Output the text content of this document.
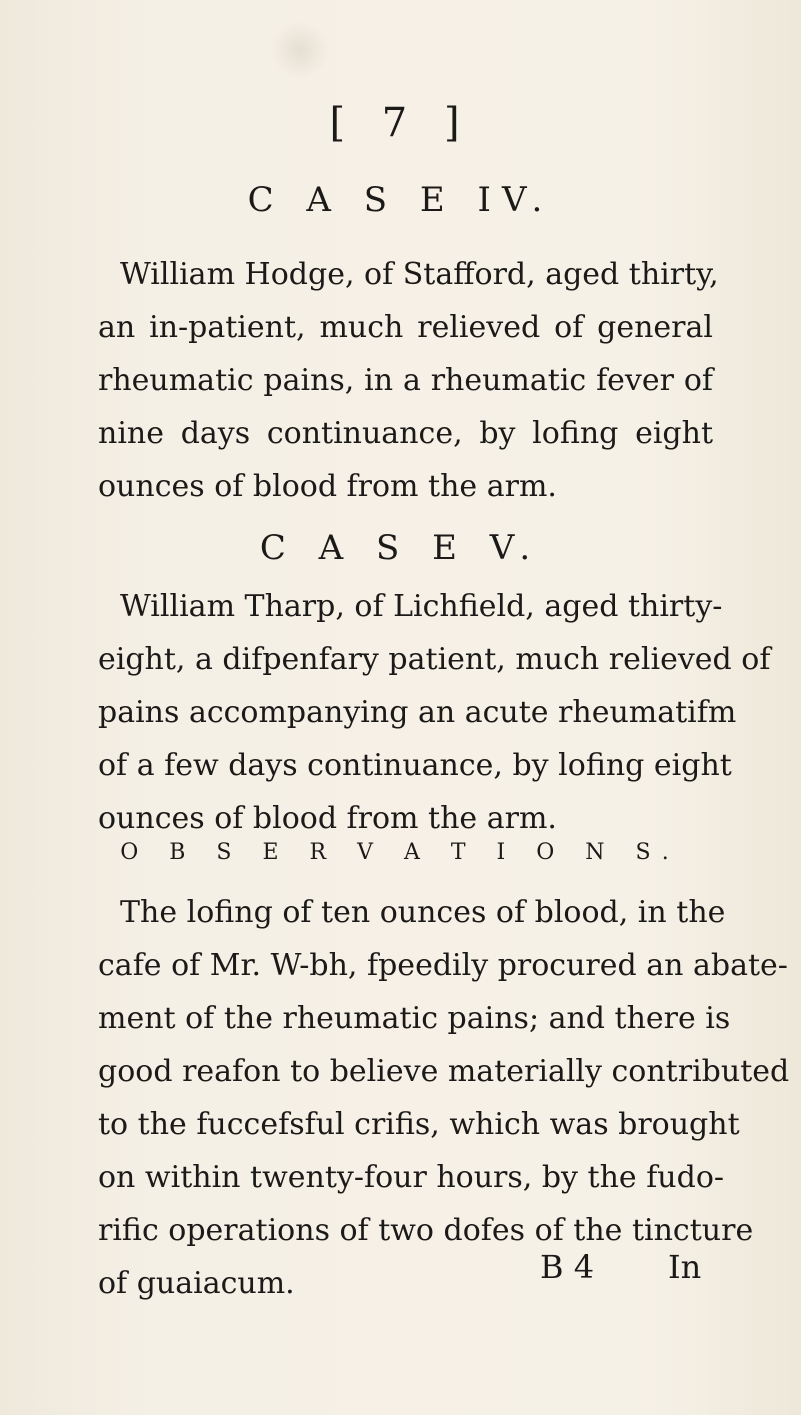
[ 7 ]
C A S E IV.
William Hodge, of Stafford, aged thirty,
an in-patient, much relieved of general
rheumatic pains, in a rheumatic fever of
nine days continuance, by lofing eight
ounces of blood from the arm.
C A S E V.
William Tharp, of Lichfield, aged thirty-
eight, a difpenfary patient, much relieved of
pains accompanying an acute rheumatifm
of a few days continuance, by lofing eight
ounces of blood from the arm.
O B S E R V A T I O N S.
The lofing of ten ounces of blood, in the
cafe of Mr. W-bh, fpeedily procured an abate-
ment of the rheumatic pains; and there is
good reafon to believe materially contributed
to the fuccefsful crifis, which was brought
on within twenty-four hours, by the fudo-
rific operations of two dofes of the tincture
of guaiacum.	B 4 In
